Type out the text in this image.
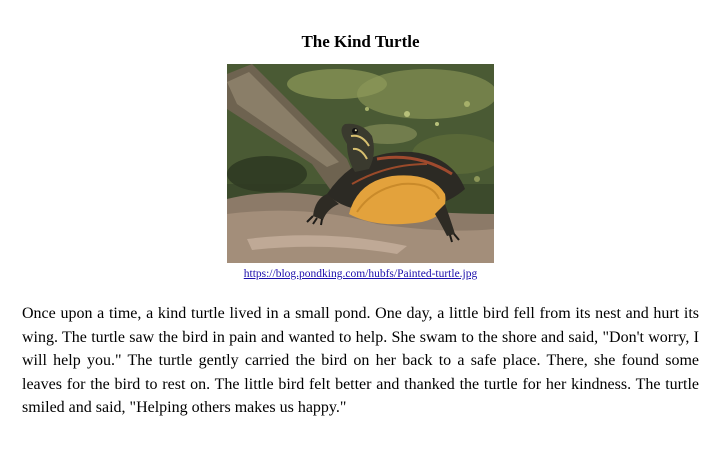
The Kind Turtle
https://blog.pondking.com/hubfs/Painted-turtle.jpg

Once upon a time, a kind turtle lived in a small pond. One day, a little bird fell from its nest and hurt its wing. The turtle saw the bird in pain and wanted to help. She swam to the shore and said, "Don't worry, I will help you." The turtle gently carried the bird on her back to a safe place. There, she found some leaves for the bird to rest on. The little bird felt better and thanked the turtle for her kindness. The turtle smiled and said, "Helping others makes us happy."
